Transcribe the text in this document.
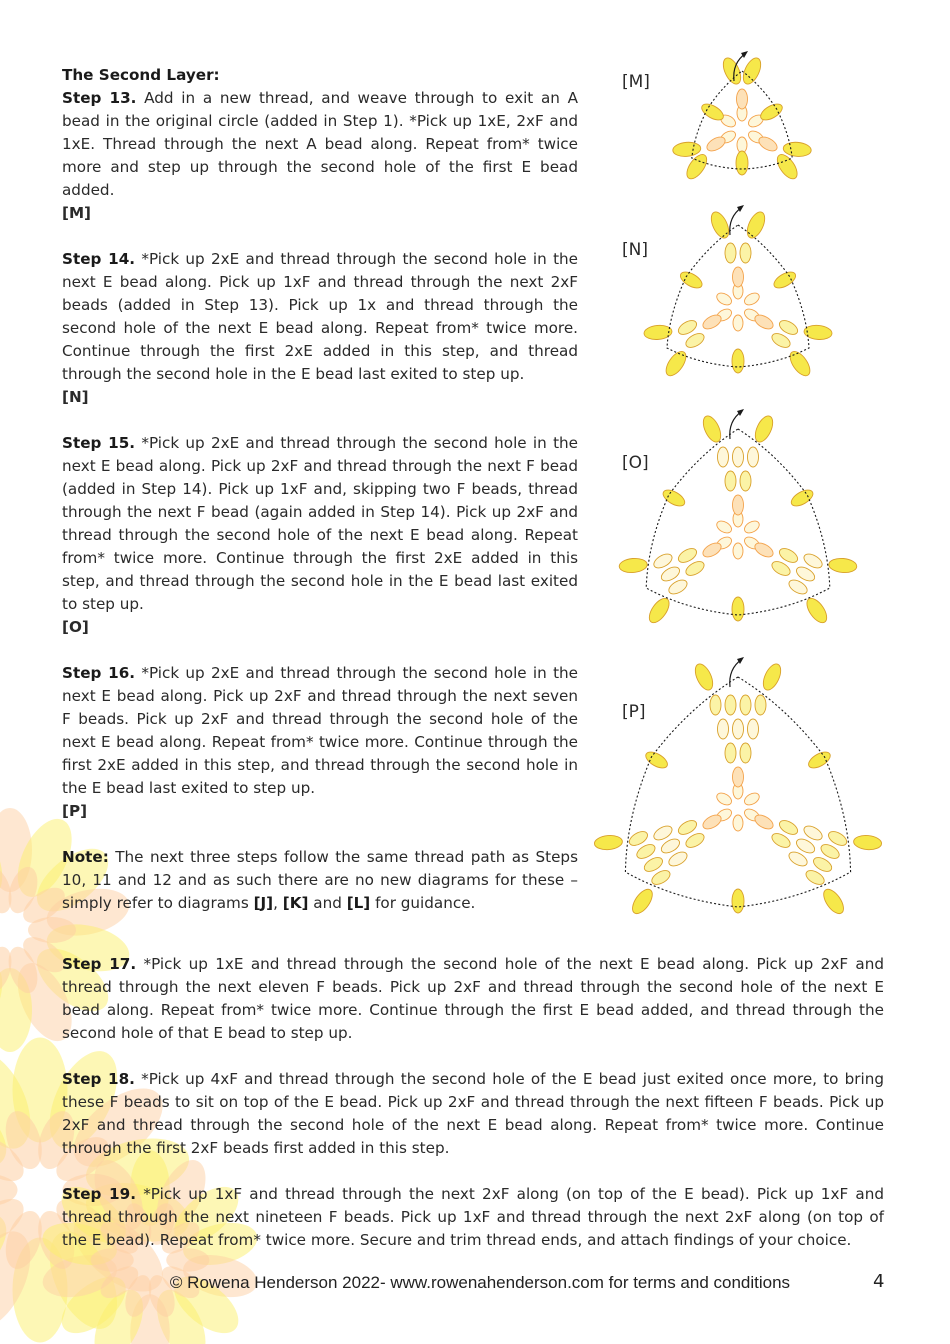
The Second Layer:
Step 13. Add in a new thread, and weave through to exit an A bead in the original circle (added in Step 1). *Pick up 1xE, 2xF and 1xE. Thread through the next A bead along. Repeat from* twice more and step up through the second hole of the first E bead added.

[M]

Step 14. *Pick up 2xE and thread through the second hole in the next E bead along. Pick up 1xF and thread through the next 2xF beads (added in Step 13). Pick up 1x and thread through the second hole of the next E bead along. Repeat from* twice more. Continue through the first 2xE added in this step, and thread through the second hole in the E bead last exited to step up.

[N]

Step 15. *Pick up 2xE and thread through the second hole in the next E bead along. Pick up 2xF and thread through the next F bead (added in Step 14). Pick up 1xF and, skipping two F beads, thread through the next F bead (again added in Step 14). Pick up 2xF and thread through the second hole of the next E bead along. Repeat from* twice more. Continue through the first 2xE added in this step, and thread through the second hole in the E bead last exited to step up.

[O]

Step 16. *Pick up 2xE and thread through the second hole in the next E bead along. Pick up 2xF and thread through the next seven F beads. Pick up 2xF and thread through the second hole of the next E bead along. Repeat from* twice more. Continue through the first 2xE added in this step, and thread through the second hole in the E bead last exited to step up.

[P]

Note: The next three steps follow the same thread path as Steps 10, 11 and 12 and as such there are no new diagrams for these – simply refer to diagrams [J], [K] and [L] for guidance.

Step 17. *Pick up 1xE and thread through the second hole of the next E bead along. Pick up 2xF and thread through the next eleven F beads. Pick up 2xF and thread through the second hole of the next E bead along. Repeat from* twice more. Continue through the first E bead added, and thread through the second hole of that E bead to step up.

Step 18. *Pick up 4xF and thread through the second hole of the E bead just exited once more, to bring these F beads to sit on top of the E bead. Pick up 2xF and thread through the next fifteen F beads. Pick up 2xF and thread through the second hole of the next E bead along. Repeat from* twice more. Continue through the first 2xF beads first added in this step.

Step 19. *Pick up 1xF and thread through the next 2xF along (on top of the E bead). Pick up 1xF and thread through the next nineteen F beads. Pick up 1xF and thread through the next 2xF along (on top of the E bead). Repeat from* twice more. Secure and trim thread ends, and attach findings of your choice.

[M]
[N]
[O]
[P]
© Rowena Henderson 2022- www.rowenahenderson.com for terms and conditions	4
